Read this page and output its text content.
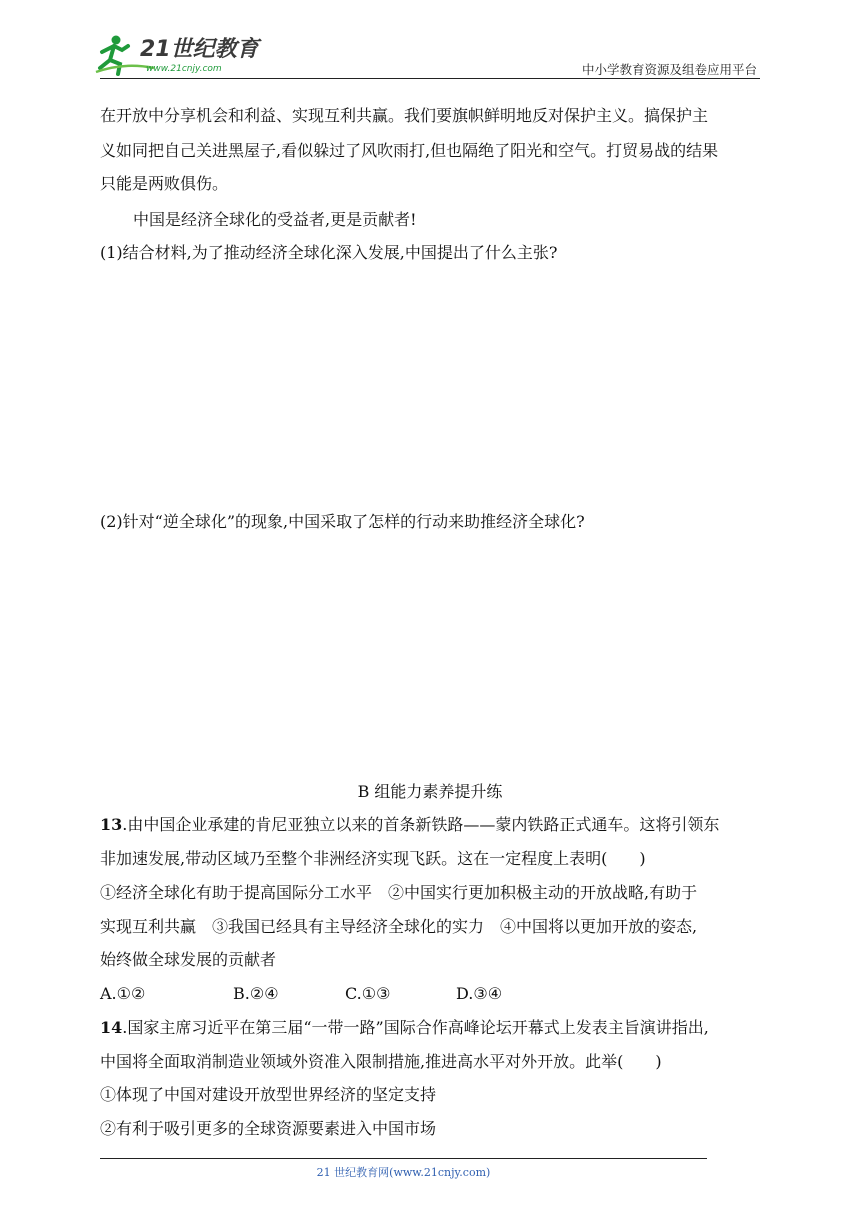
21世纪教育
www.21cnjy.com	中小学教育资源及组卷应用平台
在开放中分享机会和利益、实现互利共赢。我们要旗帜鲜明地反对保护主义。搞保护主
义如同把自己关进黑屋子,看似躲过了风吹雨打,但也隔绝了阳光和空气。打贸易战的结果
只能是两败俱伤。
中国是经济全球化的受益者,更是贡献者!
(1)结合材料,为了推动经济全球化深入发展,中国提出了什么主张?
(2)针对“逆全球化”的现象,中国采取了怎样的行动来助推经济全球化?
B 组能力素养提升练
13.由中国企业承建的肯尼亚独立以来的首条新铁路——蒙内铁路正式通车。这将引领东
非加速发展,带动区域乃至整个非洲经济实现飞跃。这在一定程度上表明(　　)
①经济全球化有助于提高国际分工水平　②中国实行更加积极主动的开放战略,有助于
实现互利共赢　③我国已经具有主导经济全球化的实力　④中国将以更加开放的姿态,
始终做全球发展的贡献者
A.①②	B.②④	C.①③	D.③④
14.国家主席习近平在第三届“一带一路”国际合作高峰论坛开幕式上发表主旨演讲指出,
中国将全面取消制造业领域外资准入限制措施,推进高水平对外开放。此举(　　)
①体现了中国对建设开放型世界经济的坚定支持
②有利于吸引更多的全球资源要素进入中国市场
21 世纪教育网(www.21cnjy.com)
